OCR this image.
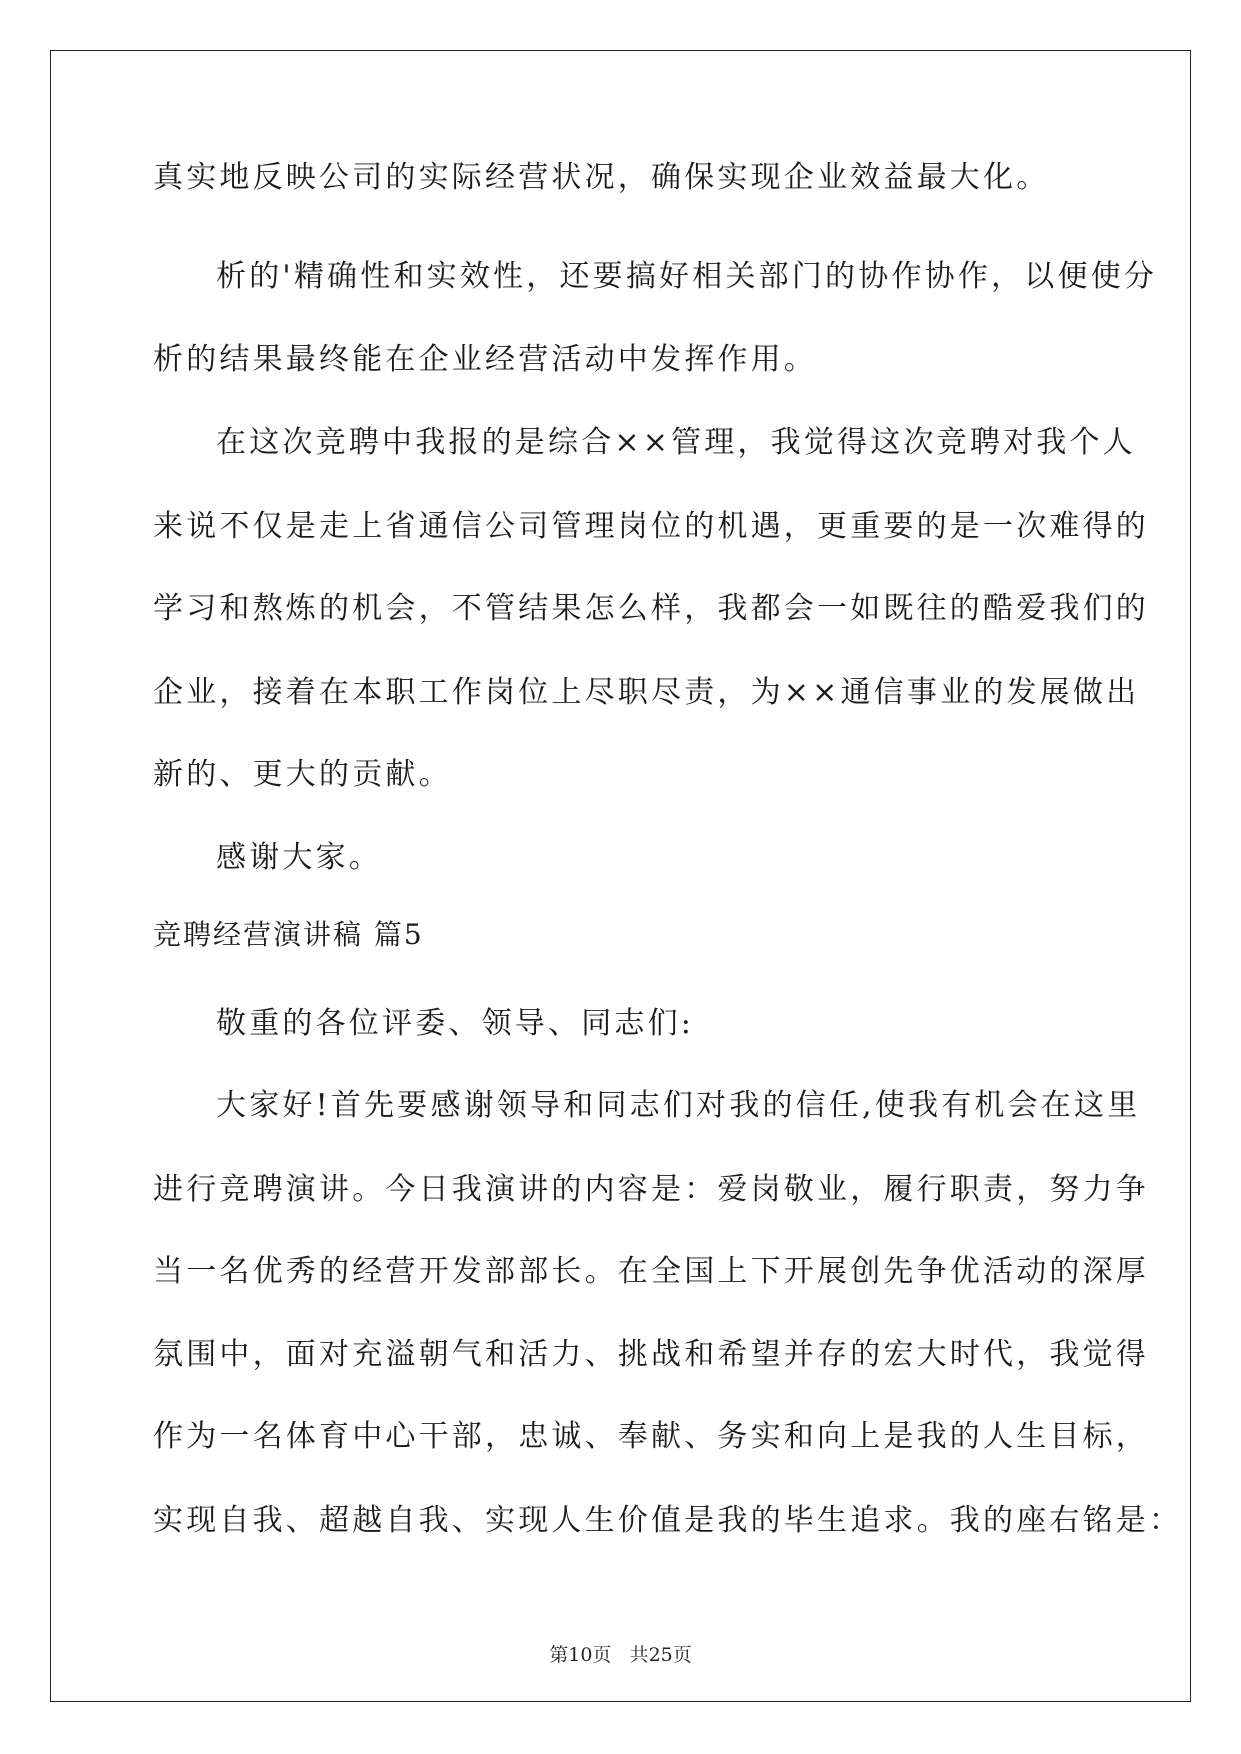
真实地反映公司的实际经营状况，确保实现企业效益最大化。
析的'精确性和实效性，还要搞好相关部门的协作协作，以便使分
析的结果最终能在企业经营活动中发挥作用。
在这次竞聘中我报的是综合××管理，我觉得这次竞聘对我个人
来说不仅是走上省通信公司管理岗位的机遇，更重要的是一次难得的
学习和熬炼的机会，不管结果怎么样，我都会一如既往的酷爱我们的
企业，接着在本职工作岗位上尽职尽责，为××通信事业的发展做出
新的、更大的贡献。
感谢大家。
竞聘经营演讲稿 篇5
敬重的各位评委、领导、同志们:
大家好!首先要感谢领导和同志们对我的信任,使我有机会在这里
进行竞聘演讲。今日我演讲的内容是：爱岗敬业，履行职责，努力争
当一名优秀的经营开发部部长。在全国上下开展创先争优活动的深厚
氛围中，面对充溢朝气和活力、挑战和希望并存的宏大时代，我觉得
作为一名体育中心干部，忠诚、奉献、务实和向上是我的人生目标，
实现自我、超越自我、实现人生价值是我的毕生追求。我的座右铭是：
第10页   共25页
